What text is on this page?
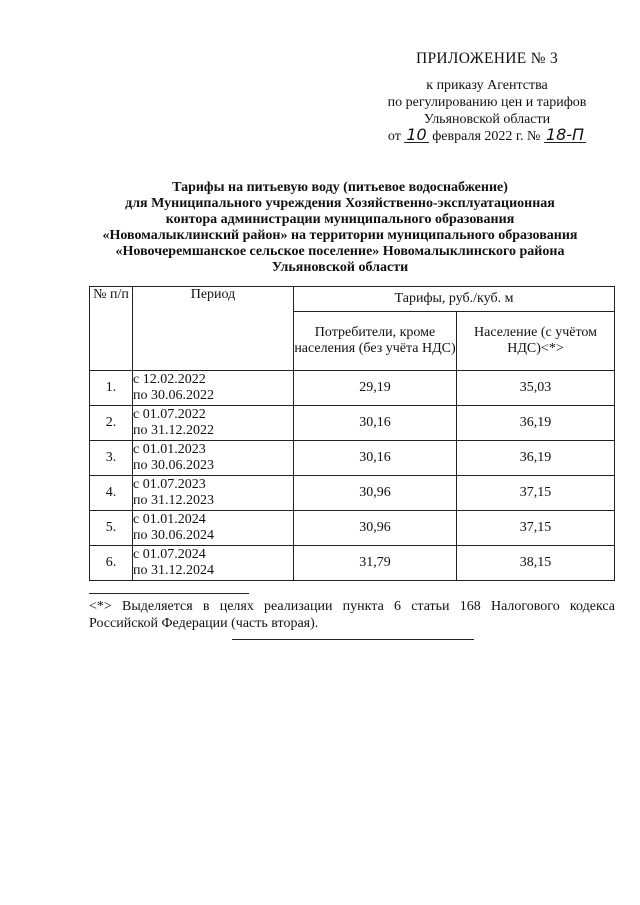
ПРИЛОЖЕНИЕ № 3
к приказу Агентства
по регулированию цен и тарифов
Ульяновской области
от 10 февраля 2022 г. № 18-П
Тарифы на питьевую воду (питьевое водоснабжение)
для Муниципального учреждения Хозяйственно-эксплуатационная
контора администрации муниципального образования
«Новомалыклинский район» на территории муниципального образования
«Новочеремшанское сельское поселение» Новомалыклинского района
Ульяновской области
№ п/п	Период	Тарифы, руб./куб. м	
		Потребители, кроме населения (без учёта НДС)	Население (с учётом НДС)<*>
1.	с 12.02.2022
по 30.06.2022	29,19	35,03
2.	с 01.07.2022
по 31.12.2022	30,16	36,19
3.	с 01.01.2023
по 30.06.2023	30,16	36,19
4.	с 01.07.2023
по 31.12.2023	30,96	37,15
5.	с 01.01.2024
по 30.06.2024	30,96	37,15
6.	с 01.07.2024
по 31.12.2024	31,79	38,15
<*> Выделяется в целях реализации пункта 6 статьи 168 Налогового кодекса Российской Федерации (часть вторая).
